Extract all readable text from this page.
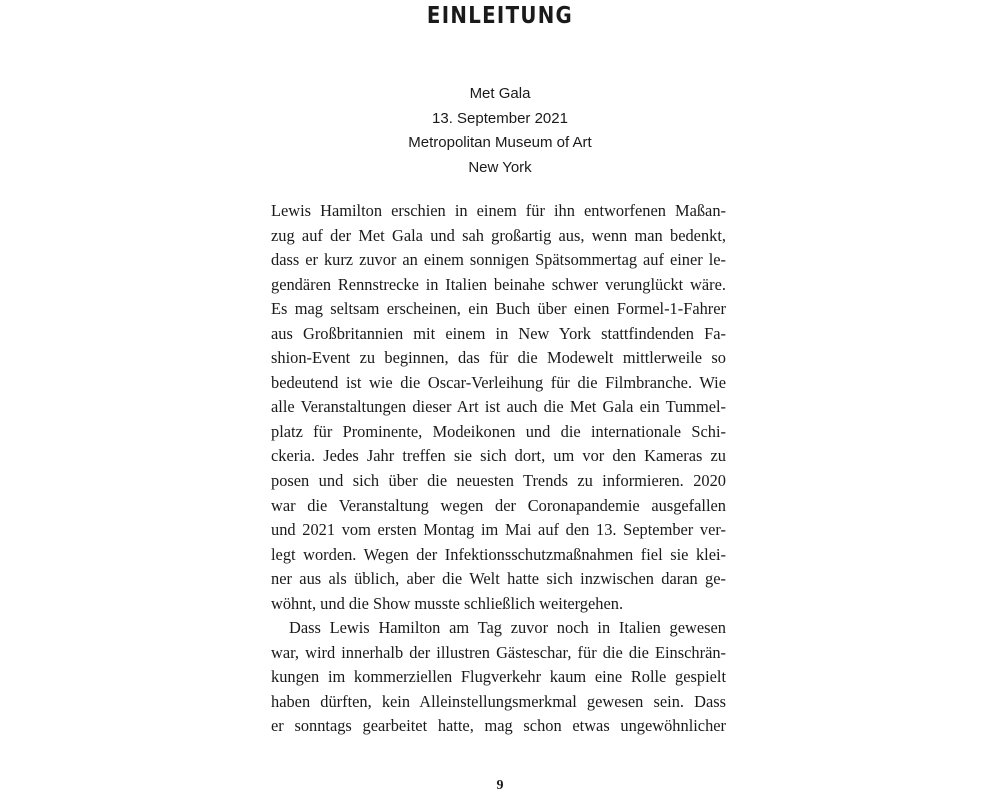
EINLEITUNG
Met Gala
13. September 2021
Metropolitan Museum of Art
New York
Lewis Hamilton erschien in einem für ihn entworfenen Maßan-
zug auf der Met Gala und sah großartig aus, wenn man bedenkt,
dass er kurz zuvor an einem sonnigen Spätsommertag auf einer le-
gendären Rennstrecke in Italien beinahe schwer verunglückt wäre.
Es mag seltsam erscheinen, ein Buch über einen Formel-1-Fahrer
aus Großbritannien mit einem in New York stattfindenden Fa-
shion-Event zu beginnen, das für die Modewelt mittlerweile so
bedeutend ist wie die Oscar-Verleihung für die Filmbranche. Wie
alle Veranstaltungen dieser Art ist auch die Met Gala ein Tummel-
platz für Prominente, Modeikonen und die internationale Schi-
ckeria. Jedes Jahr treffen sie sich dort, um vor den Kameras zu
posen und sich über die neuesten Trends zu informieren. 2020
war die Veranstaltung wegen der Coronapandemie ausgefallen
und 2021 vom ersten Montag im Mai auf den 13. September ver-
legt worden. Wegen der Infektionsschutzmaßnahmen fiel sie klei-
ner aus als üblich, aber die Welt hatte sich inzwischen daran ge-
wöhnt, und die Show musste schließlich weitergehen.
Dass Lewis Hamilton am Tag zuvor noch in Italien gewesen
war, wird innerhalb der illustren Gästeschar, für die die Einschrän-
kungen im kommerziellen Flugverkehr kaum eine Rolle gespielt
haben dürften, kein Alleinstellungsmerkmal gewesen sein. Dass
er sonntags gearbeitet hatte, mag schon etwas ungewöhnlicher
9
